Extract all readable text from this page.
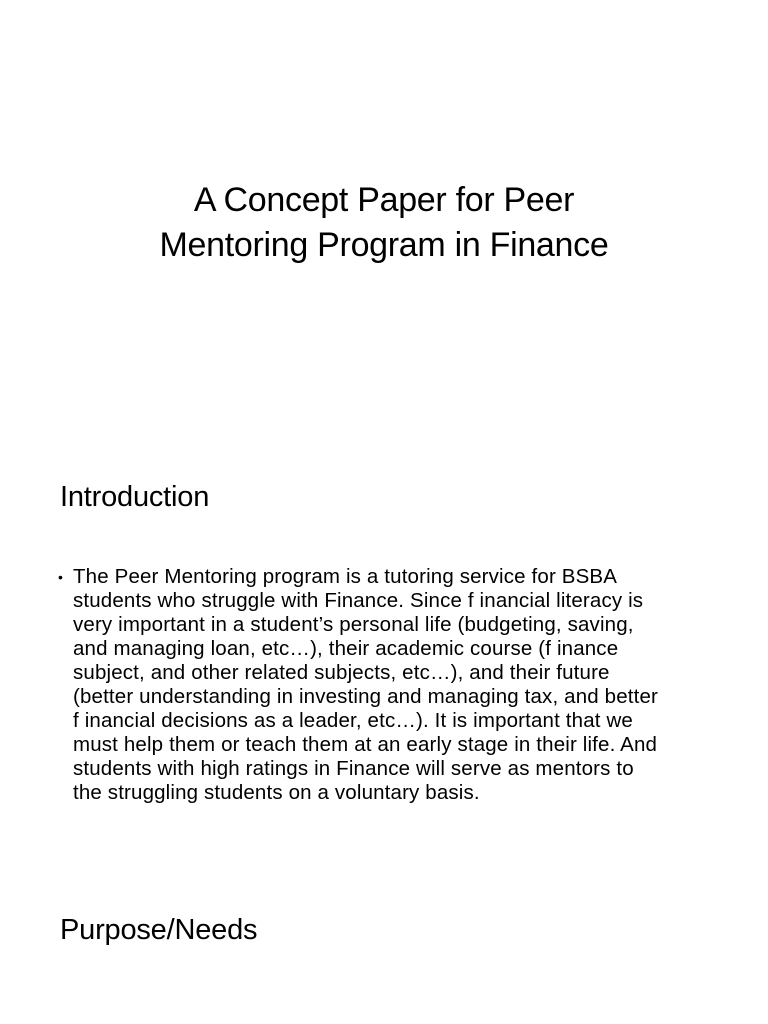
A Concept Paper for Peer
Mentoring Program in Finance
Introduction
• The Peer Mentoring program is a tutoring service for BSBA
students who struggle with Finance. Since f inancial literacy is
very important in a student’s personal life (budgeting, saving,
and managing loan, etc…), their academic course (f inance
subject, and other related subjects, etc…), and their future
(better understanding in investing and managing tax, and better
f inancial decisions as a leader, etc…). It is important that we
must help them or teach them at an early stage in their life. And
students with high ratings in Finance will serve as mentors to
the struggling students on a voluntary basis.
Purpose/Needs
